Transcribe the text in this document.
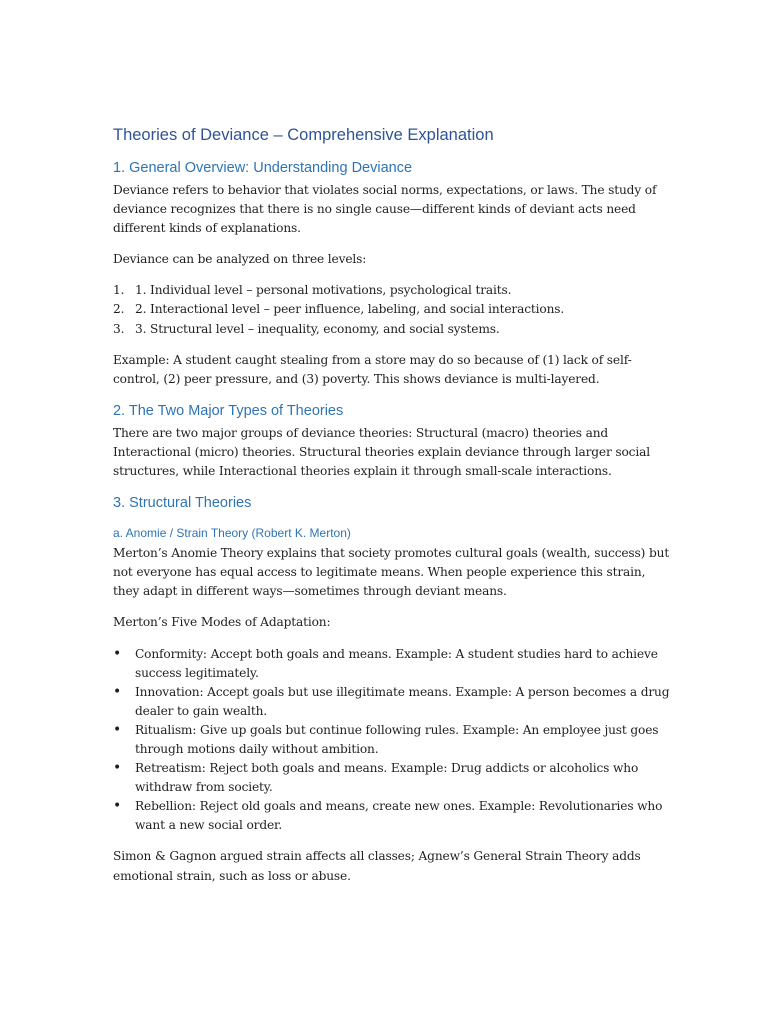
Theories of Deviance – Comprehensive Explanation
1. General Overview: Understanding Deviance

Deviance refers to behavior that violates social norms, expectations, or laws. The study of deviance recognizes that there is no single cause—different kinds of deviant acts need different kinds of explanations.

Deviance can be analyzed on three levels:

1. 1. Individual level – personal motivations, psychological traits.
2. 2. Interactional level – peer influence, labeling, and social interactions.
3. 3. Structural level – inequality, economy, and social systems.

Example: A student caught stealing from a store may do so because of (1) lack of self-control, (2) peer pressure, and (3) poverty. This shows deviance is multi-layered.

2. The Two Major Types of Theories

There are two major groups of deviance theories: Structural (macro) theories and Interactional (micro) theories. Structural theories explain deviance through larger social structures, while Interactional theories explain it through small-scale interactions.

3. Structural Theories
a. Anomie / Strain Theory (Robert K. Merton)

Merton’s Anomie Theory explains that society promotes cultural goals (wealth, success) but not everyone has equal access to legitimate means. When people experience this strain, they adapt in different ways—sometimes through deviant means.

Merton’s Five Modes of Adaptation:

• Conformity: Accept both goals and means. Example: A student studies hard to achieve success legitimately.
• Innovation: Accept goals but use illegitimate means. Example: A person becomes a drug dealer to gain wealth.
• Ritualism: Give up goals but continue following rules. Example: An employee just goes through motions daily without ambition.
• Retreatism: Reject both goals and means. Example: Drug addicts or alcoholics who withdraw from society.
• Rebellion: Reject old goals and means, create new ones. Example: Revolutionaries who want a new social order.

Simon & Gagnon argued strain affects all classes; Agnew’s General Strain Theory adds emotional strain, such as loss or abuse.
